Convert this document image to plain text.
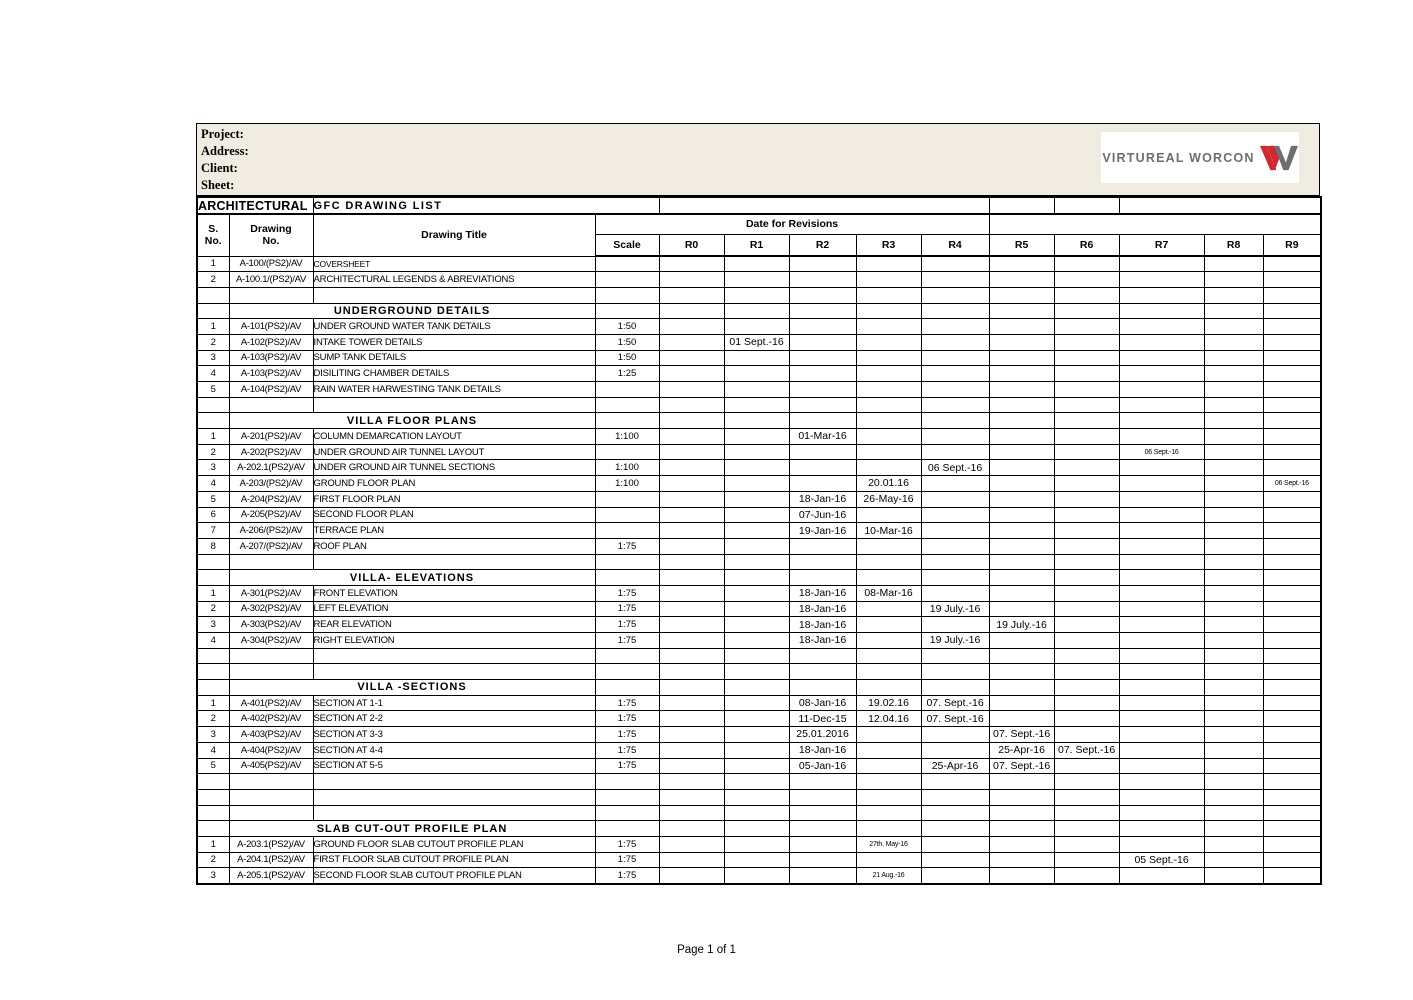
Project:
Address:
Client:
Sheet:
VIRTUREAL WORCON
ARCHITECTURAL		GFC DRAWING LIST											
S.
No.	Drawing
No.	Drawing Title	Date for Revisions										
			Scale	R0	R1	R2	R3	R4	R5	R6	R7	R8	R9
1	A-100/(PS2)/AV	COVERSHEET											
2	A-100.1/(PS2)/AV	ARCHITECTURAL LEGENDS & ABREVIATIONS											

	UNDERGROUND DETAILS												
1	A-101(PS2)/AV	UNDER GROUND WATER TANK DETAILS	1:50										
2	A-102(PS2)/AV	INTAKE TOWER DETAILS	1:50		01 Sept.-16								
3	A-103(PS2)/AV	SUMP TANK DETAILS	1:50										
4	A-103(PS2)/AV	DISILITING CHAMBER DETAILS	1:25										
5	A-104(PS2)/AV	RAIN WATER HARWESTING TANK DETAILS											

	VILLA FLOOR PLANS												
1	A-201(PS2)/AV	COLUMN DEMARCATION LAYOUT	1:100			01-Mar-16							
2	A-202(PS2)/AV	UNDER GROUND AIR TUNNEL LAYOUT									06 Sept.-16		
3	A-202.1(PS2)/AV	UNDER GROUND AIR TUNNEL SECTIONS	1:100					06 Sept.-16					
4	A-203/(PS2)/AV	GROUND FLOOR PLAN	1:100				20.01.16						06 Sept.-16
5	A-204(PS2)/AV	FIRST FLOOR PLAN				18-Jan-16	26-May-16						
6	A-205(PS2)/AV	SECOND FLOOR PLAN				07-Jun-16							
7	A-206/(PS2)/AV	TERRACE PLAN				19-Jan-16	10-Mar-16						
8	A-207/(PS2)/AV	ROOF PLAN	1:75										

	VILLA- ELEVATIONS												
1	A-301(PS2)/AV	FRONT ELEVATION	1:75			18-Jan-16	08-Mar-16						
2	A-302(PS2)/AV	LEFT ELEVATION	1:75			18-Jan-16		19 July.-16					
3	A-303(PS2)/AV	REAR ELEVATION	1:75			18-Jan-16			19 July.-16				
4	A-304(PS2)/AV	RIGHT ELEVATION	1:75			18-Jan-16		19 July.-16					

	VILLA -SECTIONS												
1	A-401(PS2)/AV	SECTION AT 1-1	1:75			08-Jan-16	19.02.16	07. Sept.-16					
2	A-402(PS2)/AV	SECTION AT 2-2	1:75			11-Dec-15	12.04.16	07. Sept.-16					
3	A-403(PS2)/AV	SECTION AT 3-3	1:75			25.01.2016			07. Sept.-16				
4	A-404(PS2)/AV	SECTION AT 4-4	1:75			18-Jan-16			25-Apr-16	07. Sept.-16			
5	A-405(PS2)/AV	SECTION AT 5-5	1:75			05-Jan-16		25-Apr-16	07. Sept.-16				

	SLAB CUT-OUT PROFILE PLAN												
1	A-203.1(PS2)/AV	GROUND FLOOR SLAB CUTOUT PROFILE PLAN	1:75				27th. May-16						
2	A-204.1(PS2)/AV	FIRST FLOOR SLAB CUTOUT PROFILE PLAN	1:75								05 Sept.-16		
3	A-205.1(PS2)/AV	SECOND FLOOR SLAB CUTOUT PROFILE PLAN	1:75				21 Aug.-16						
Page 1 of 1
